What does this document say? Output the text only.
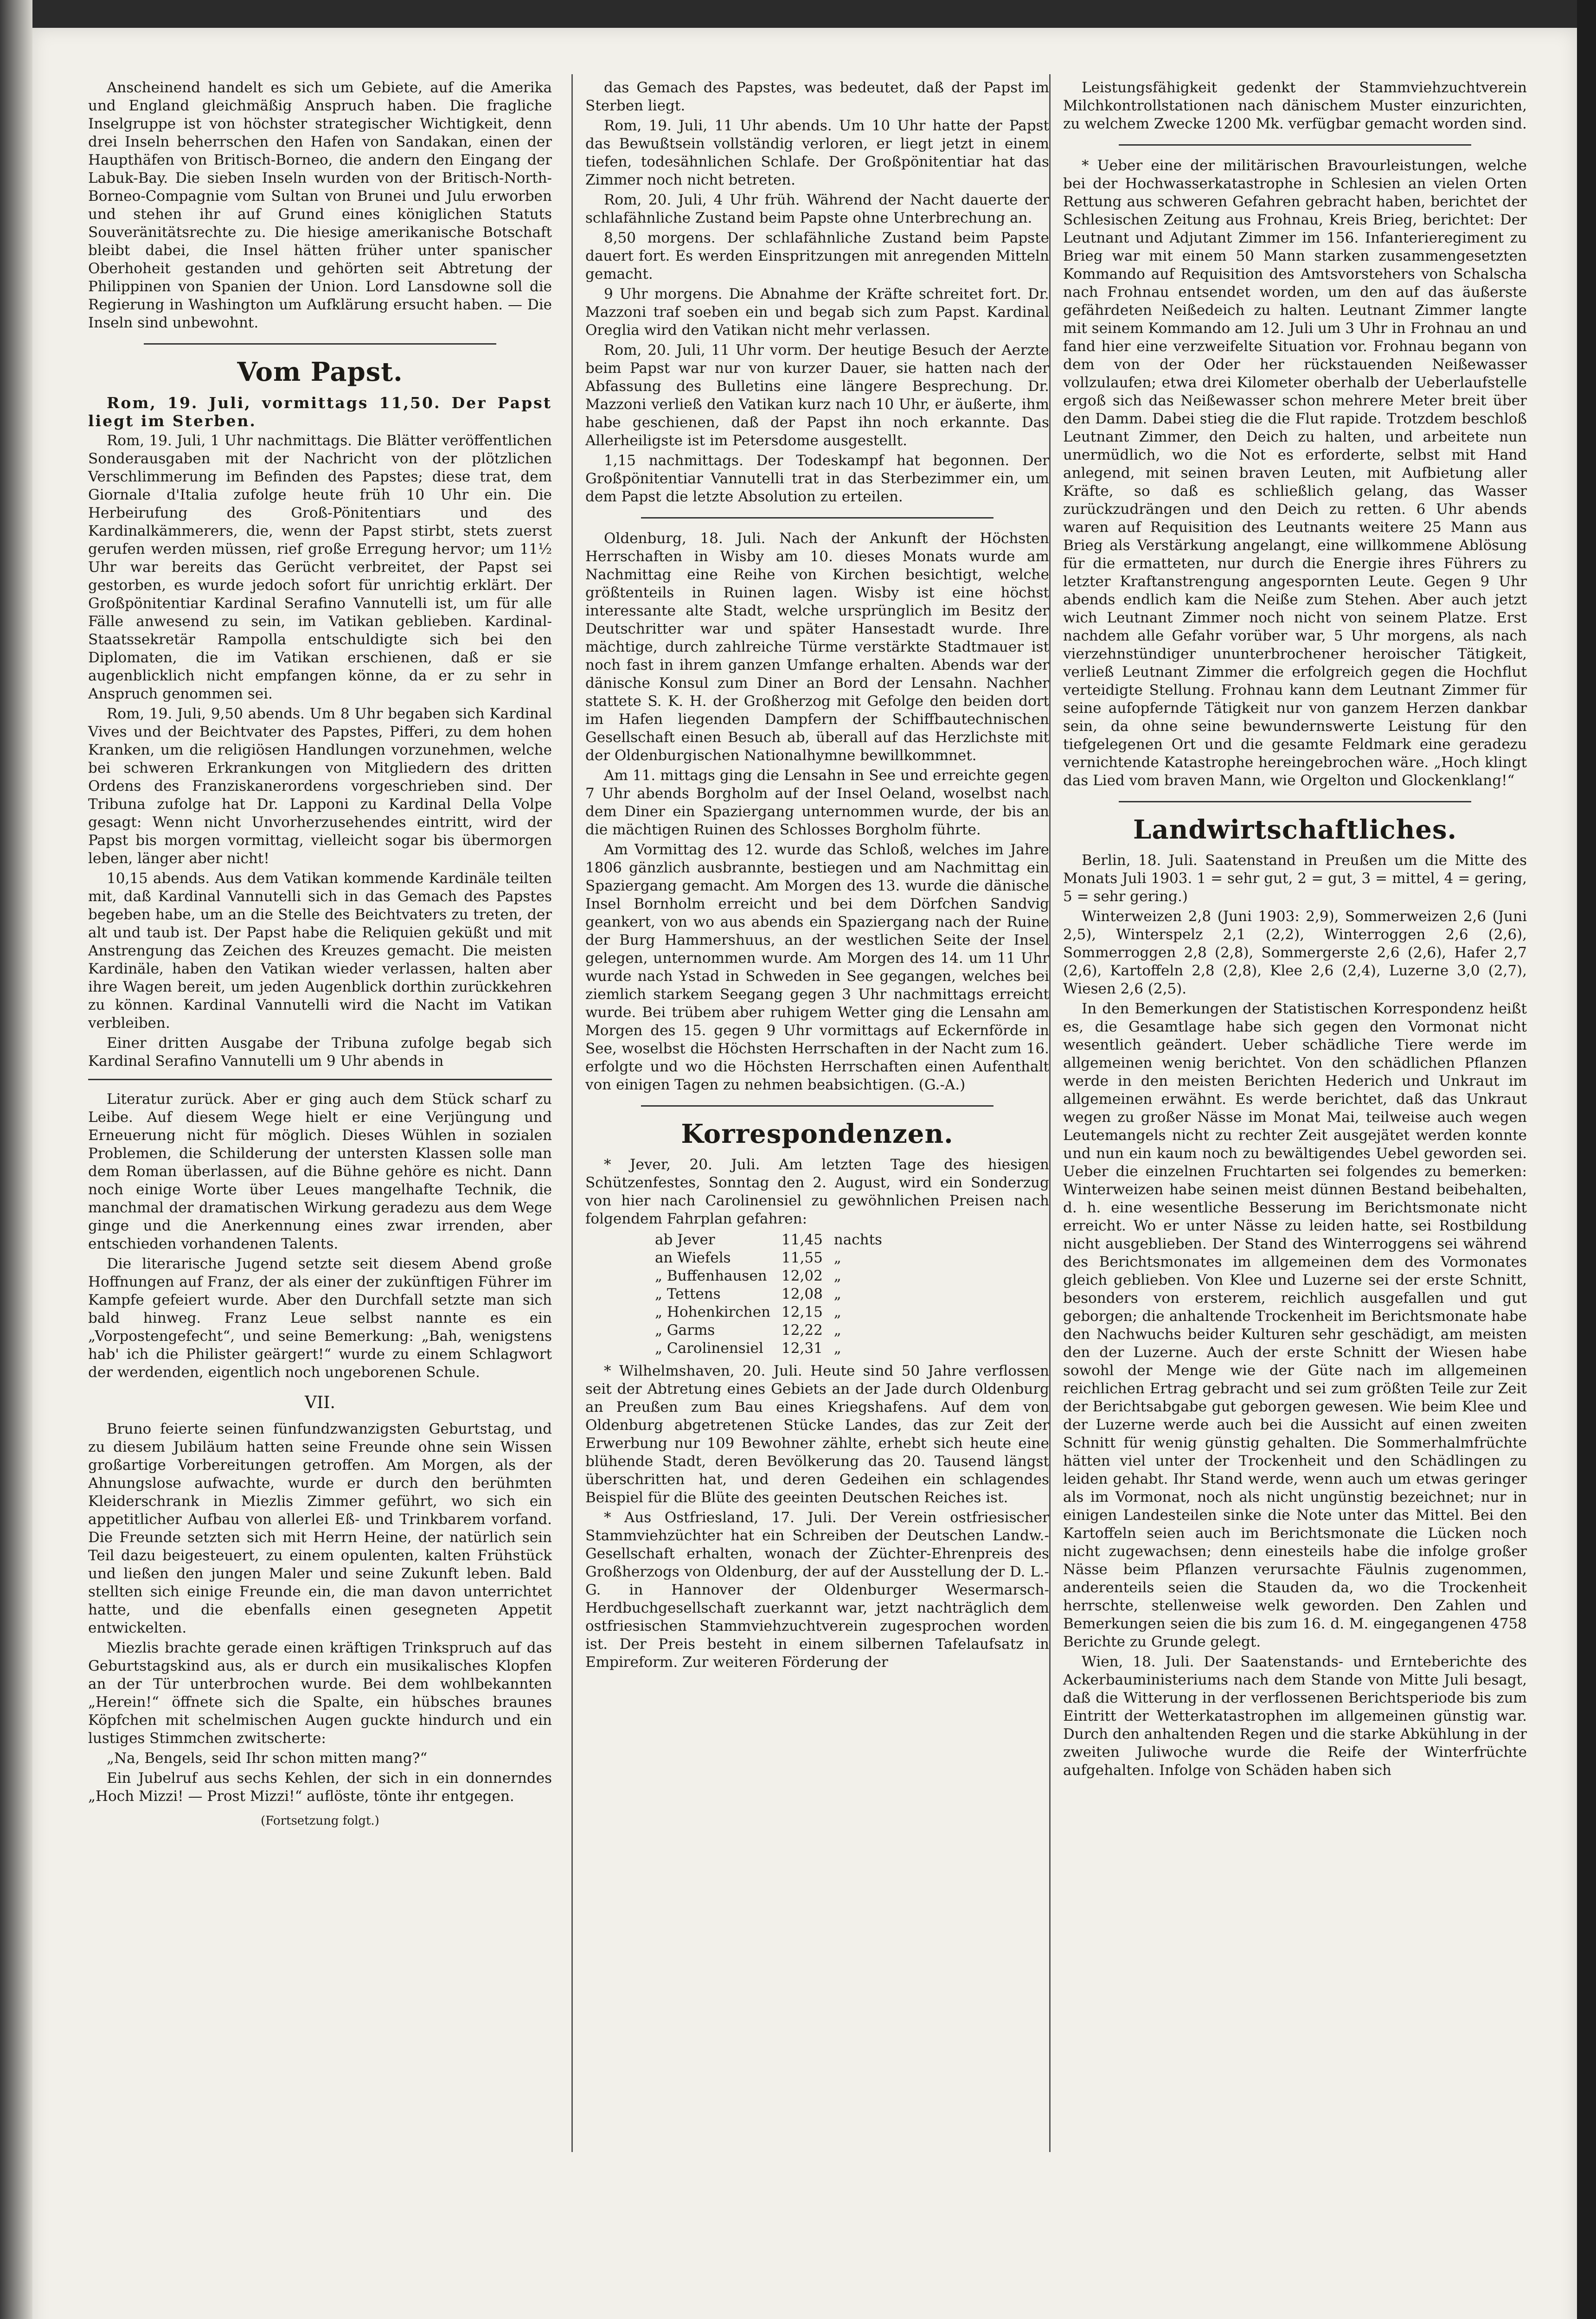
Anscheinend handelt es sich um Gebiete, auf die Amerika und England gleichmäßig Anspruch haben. Die fragliche Inselgruppe ist von höchster strategischer Wichtigkeit, denn drei Inseln beherrschen den Hafen von Sandakan, einen der Haupthäfen von Britisch-Borneo, die andern den Eingang der Labuk-Bay. Die sieben Inseln wurden von der Britisch-North-Borneo-Compagnie vom Sultan von Brunei und Julu erworben und stehen ihr auf Grund eines königlichen Statuts Souveränitätsrechte zu. Die hiesige amerikanische Botschaft bleibt dabei, die Insel hätten früher unter spanischer Oberhoheit gestanden und gehörten seit Abtretung der Philippinen von Spanien der Union. Lord Lansdowne soll die Regierung in Washington um Aufklärung ersucht haben. — Die Inseln sind unbewohnt.

Vom Papst.

Rom, 19. Juli, vormittags 11,50. Der Papst liegt im Sterben.

Rom, 19. Juli, 1 Uhr nachmittags. Die Blätter veröffentlichen Sonderausgaben mit der Nachricht von der plötzlichen Verschlimmerung im Befinden des Papstes; diese trat, dem Giornale d'Italia zufolge heute früh 10 Uhr ein. Die Herbeirufung des Groß-Pönitentiars und des Kardinalkämmerers, die, wenn der Papst stirbt, stets zuerst gerufen werden müssen, rief große Erregung hervor; um 11½ Uhr war bereits das Gerücht verbreitet, der Papst sei gestorben, es wurde jedoch sofort für unrichtig erklärt. Der Großpönitentiar Kardinal Serafino Vannutelli ist, um für alle Fälle anwesend zu sein, im Vatikan geblieben. Kardinal-Staatssekretär Rampolla entschuldigte sich bei den Diplomaten, die im Vatikan erschienen, daß er sie augenblicklich nicht empfangen könne, da er zu sehr in Anspruch genommen sei.

Rom, 19. Juli, 9,50 abends. Um 8 Uhr begaben sich Kardinal Vives und der Beichtvater des Papstes, Pifferi, zu dem hohen Kranken, um die religiösen Handlungen vorzunehmen, welche bei schweren Erkrankungen von Mitgliedern des dritten Ordens des Franziskanerordens vorgeschrieben sind. Der Tribuna zufolge hat Dr. Lapponi zu Kardinal Della Volpe gesagt: Wenn nicht Unvorherzusehendes eintritt, wird der Papst bis morgen vormittag, vielleicht sogar bis übermorgen leben, länger aber nicht!

10,15 abends. Aus dem Vatikan kommende Kardinäle teilten mit, daß Kardinal Vannutelli sich in das Gemach des Papstes begeben habe, um an die Stelle des Beichtvaters zu treten, der alt und taub ist. Der Papst habe die Reliquien geküßt und mit Anstrengung das Zeichen des Kreuzes gemacht. Die meisten Kardinäle, haben den Vatikan wieder verlassen, halten aber ihre Wagen bereit, um jeden Augenblick dorthin zurückkehren zu können. Kardinal Vannutelli wird die Nacht im Vatikan verbleiben.

Einer dritten Ausgabe der Tribuna zufolge begab sich Kardinal Serafino Vannutelli um 9 Uhr abends in

Literatur zurück. Aber er ging auch dem Stück scharf zu Leibe. Auf diesem Wege hielt er eine Verjüngung und Erneuerung nicht für möglich. Dieses Wühlen in sozialen Problemen, die Schilderung der untersten Klassen solle man dem Roman überlassen, auf die Bühne gehöre es nicht. Dann noch einige Worte über Leues mangelhafte Technik, die manchmal der dramatischen Wirkung geradezu aus dem Wege ginge und die Anerkennung eines zwar irrenden, aber entschieden vorhandenen Talents.

Die literarische Jugend setzte seit diesem Abend große Hoffnungen auf Franz, der als einer der zukünftigen Führer im Kampfe gefeiert wurde. Aber den Durchfall setzte man sich bald hinweg. Franz Leue selbst nannte es ein „Vorpostengefecht“, und seine Bemerkung: „Bah, wenigstens hab' ich die Philister geärgert!“ wurde zu einem Schlagwort der werdenden, eigentlich noch ungeborenen Schule.

VII.

Bruno feierte seinen fünfundzwanzigsten Geburtstag, und zu diesem Jubiläum hatten seine Freunde ohne sein Wissen großartige Vorbereitungen getroffen. Am Morgen, als der Ahnungslose aufwachte, wurde er durch den berühmten Kleiderschrank in Miezlis Zimmer geführt, wo sich ein appetitlicher Aufbau von allerlei Eß- und Trinkbarem vorfand. Die Freunde setzten sich mit Herrn Heine, der natürlich sein Teil dazu beigesteuert, zu einem opulenten, kalten Frühstück und ließen den jungen Maler und seine Zukunft leben. Bald stellten sich einige Freunde ein, die man davon unterrichtet hatte, und die ebenfalls einen gesegneten Appetit entwickelten.

Miezlis brachte gerade einen kräftigen Trinkspruch auf das Geburtstagskind aus, als er durch ein musikalisches Klopfen an der Tür unterbrochen wurde. Bei dem wohlbekannten „Herein!“ öffnete sich die Spalte, ein hübsches braunes Köpfchen mit schelmischen Augen guckte hindurch und ein lustiges Stimmchen zwitscherte:

„Na, Bengels, seid Ihr schon mitten mang?“

Ein Jubelruf aus sechs Kehlen, der sich in ein donnerndes „Hoch Mizzi! — Prost Mizzi!“ auflöste, tönte ihr entgegen.

(Fortsetzung folgt.)

das Gemach des Papstes, was bedeutet, daß der Papst im Sterben liegt.

Rom, 19. Juli, 11 Uhr abends. Um 10 Uhr hatte der Papst das Bewußtsein vollständig verloren, er liegt jetzt in einem tiefen, todesähnlichen Schlafe. Der Großpönitentiar hat das Zimmer noch nicht betreten.

Rom, 20. Juli, 4 Uhr früh. Während der Nacht dauerte der schlafähnliche Zustand beim Papste ohne Unterbrechung an.

8,50 morgens. Der schlafähnliche Zustand beim Papste dauert fort. Es werden Einspritzungen mit anregenden Mitteln gemacht.

9 Uhr morgens. Die Abnahme der Kräfte schreitet fort. Dr. Mazzoni traf soeben ein und begab sich zum Papst. Kardinal Oreglia wird den Vatikan nicht mehr verlassen.

Rom, 20. Juli, 11 Uhr vorm. Der heutige Besuch der Aerzte beim Papst war nur von kurzer Dauer, sie hatten nach der Abfassung des Bulletins eine längere Besprechung. Dr. Mazzoni verließ den Vatikan kurz nach 10 Uhr, er äußerte, ihm habe geschienen, daß der Papst ihn noch erkannte. Das Allerheiligste ist im Petersdome ausgestellt.

1,15 nachmittags. Der Todeskampf hat begonnen. Der Großpönitentiar Vannutelli trat in das Sterbezimmer ein, um dem Papst die letzte Absolution zu erteilen.

Oldenburg, 18. Juli. Nach der Ankunft der Höchsten Herrschaften in Wisby am 10. dieses Monats wurde am Nachmittag eine Reihe von Kirchen besichtigt, welche größtenteils in Ruinen lagen. Wisby ist eine höchst interessante alte Stadt, welche ursprünglich im Besitz der Deutschritter war und später Hansestadt wurde. Ihre mächtige, durch zahlreiche Türme verstärkte Stadtmauer ist noch fast in ihrem ganzen Umfange erhalten. Abends war der dänische Konsul zum Diner an Bord der Lensahn. Nachher stattete S. K. H. der Großherzog mit Gefolge den beiden dort im Hafen liegenden Dampfern der Schiffbautechnischen Gesellschaft einen Besuch ab, überall auf das Herzlichste mit der Oldenburgischen Nationalhymne bewillkommnet.

Am 11. mittags ging die Lensahn in See und erreichte gegen 7 Uhr abends Borgholm auf der Insel Oeland, woselbst nach dem Diner ein Spaziergang unternommen wurde, der bis an die mächtigen Ruinen des Schlosses Borgholm führte.

Am Vormittag des 12. wurde das Schloß, welches im Jahre 1806 gänzlich ausbrannte, bestiegen und am Nachmittag ein Spaziergang gemacht. Am Morgen des 13. wurde die dänische Insel Bornholm erreicht und bei dem Dörfchen Sandvig geankert, von wo aus abends ein Spaziergang nach der Ruine der Burg Hammershuus, an der westlichen Seite der Insel gelegen, unternommen wurde. Am Morgen des 14. um 11 Uhr wurde nach Ystad in Schweden in See gegangen, welches bei ziemlich starkem Seegang gegen 3 Uhr nachmittags erreicht wurde. Bei trübem aber ruhigem Wetter ging die Lensahn am Morgen des 15. gegen 9 Uhr vormittags auf Eckernförde in See, woselbst die Höchsten Herrschaften in der Nacht zum 16. erfolgte und wo die Höchsten Herrschaften einen Aufenthalt von einigen Tagen zu nehmen beabsichtigen. (G.-A.)

Korrespondenzen.

* Jever, 20. Juli. Am letzten Tage des hiesigen Schützenfestes, Sonntag den 2. August, wird ein Sonderzug von hier nach Carolinensiel zu gewöhnlichen Preisen nach folgendem Fahrplan gefahren:

ab Jever	11,45	nachts
an Wiefels	11,55	„
„ Buffenhausen	12,02	„
„ Tettens	12,08	„
„ Hohenkirchen	12,15	„
„ Garms	12,22	„
„ Carolinensiel	12,31	„

* Wilhelmshaven, 20. Juli. Heute sind 50 Jahre verflossen seit der Abtretung eines Gebiets an der Jade durch Oldenburg an Preußen zum Bau eines Kriegshafens. Auf dem von Oldenburg abgetretenen Stücke Landes, das zur Zeit der Erwerbung nur 109 Bewohner zählte, erhebt sich heute eine blühende Stadt, deren Bevölkerung das 20. Tausend längst überschritten hat, und deren Gedeihen ein schlagendes Beispiel für die Blüte des geeinten Deutschen Reiches ist.

* Aus Ostfriesland, 17. Juli. Der Verein ostfriesischer Stammviehzüchter hat ein Schreiben der Deutschen Landw.-Gesellschaft erhalten, wonach der Züchter-Ehrenpreis des Großherzogs von Oldenburg, der auf der Ausstellung der D. L.-G. in Hannover der Oldenburger Wesermarsch-Herdbuchgesellschaft zuerkannt war, jetzt nachträglich dem ostfriesischen Stammviehzuchtverein zugesprochen worden ist. Der Preis besteht in einem silbernen Tafelaufsatz in Empireform. Zur weiteren Förderung der

Leistungsfähigkeit gedenkt der Stammviehzuchtverein Milchkontrollstationen nach dänischem Muster einzurichten, zu welchem Zwecke 1200 Mk. verfügbar gemacht worden sind.

* Ueber eine der militärischen Bravourleistungen, welche bei der Hochwasserkatastrophe in Schlesien an vielen Orten Rettung aus schweren Gefahren gebracht haben, berichtet der Schlesischen Zeitung aus Frohnau, Kreis Brieg, berichtet: Der Leutnant und Adjutant Zimmer im 156. Infanterieregiment zu Brieg war mit einem 50 Mann starken zusammengesetzten Kommando auf Requisition des Amtsvorstehers von Schalscha nach Frohnau entsendet worden, um den auf das äußerste gefährdeten Neißedeich zu halten. Leutnant Zimmer langte mit seinem Kommando am 12. Juli um 3 Uhr in Frohnau an und fand hier eine verzweifelte Situation vor. Frohnau begann von dem von der Oder her rückstauenden Neißewasser vollzulaufen; etwa drei Kilometer oberhalb der Ueberlaufstelle ergoß sich das Neißewasser schon mehrere Meter breit über den Damm. Dabei stieg die die Flut rapide. Trotzdem beschloß Leutnant Zimmer, den Deich zu halten, und arbeitete nun unermüdlich, wo die Not es erforderte, selbst mit Hand anlegend, mit seinen braven Leuten, mit Aufbietung aller Kräfte, so daß es schließlich gelang, das Wasser zurückzudrängen und den Deich zu retten. 6 Uhr abends waren auf Requisition des Leutnants weitere 25 Mann aus Brieg als Verstärkung angelangt, eine willkommene Ablösung für die ermatteten, nur durch die Energie ihres Führers zu letzter Kraftanstrengung angespornten Leute. Gegen 9 Uhr abends endlich kam die Neiße zum Stehen. Aber auch jetzt wich Leutnant Zimmer noch nicht von seinem Platze. Erst nachdem alle Gefahr vorüber war, 5 Uhr morgens, als nach vierzehnstündiger ununterbrochener heroischer Tätigkeit, verließ Leutnant Zimmer die erfolgreich gegen die Hochflut verteidigte Stellung. Frohnau kann dem Leutnant Zimmer für seine aufopfernde Tätigkeit nur von ganzem Herzen dankbar sein, da ohne seine bewundernswerte Leistung für den tiefgelegenen Ort und die gesamte Feldmark eine geradezu vernichtende Katastrophe hereingebrochen wäre. „Hoch klingt das Lied vom braven Mann, wie Orgelton und Glockenklang!“

Landwirtschaftliches.

Berlin, 18. Juli. Saatenstand in Preußen um die Mitte des Monats Juli 1903. 1 = sehr gut, 2 = gut, 3 = mittel, 4 = gering, 5 = sehr gering.)

Winterweizen 2,8 (Juni 1903: 2,9), Sommerweizen 2,6 (Juni 2,5), Winterspelz 2,1 (2,2), Winterroggen 2,6 (2,6), Sommerroggen 2,8 (2,8), Sommergerste 2,6 (2,6), Hafer 2,7 (2,6), Kartoffeln 2,8 (2,8), Klee 2,6 (2,4), Luzerne 3,0 (2,7), Wiesen 2,6 (2,5).

In den Bemerkungen der Statistischen Korrespondenz heißt es, die Gesamtlage habe sich gegen den Vormonat nicht wesentlich geändert. Ueber schädliche Tiere werde im allgemeinen wenig berichtet. Von den schädlichen Pflanzen werde in den meisten Berichten Hederich und Unkraut im allgemeinen erwähnt. Es werde berichtet, daß das Unkraut wegen zu großer Nässe im Monat Mai, teilweise auch wegen Leutemangels nicht zu rechter Zeit ausgejätet werden konnte und nun ein kaum noch zu bewältigendes Uebel geworden sei. Ueber die einzelnen Fruchtarten sei folgendes zu bemerken: Winterweizen habe seinen meist dünnen Bestand beibehalten, d. h. eine wesentliche Besserung im Berichtsmonate nicht erreicht. Wo er unter Nässe zu leiden hatte, sei Rostbildung nicht ausgeblieben. Der Stand des Winterroggens sei während des Berichtsmonates im allgemeinen dem des Vormonates gleich geblieben. Von Klee und Luzerne sei der erste Schnitt, besonders von ersterem, reichlich ausgefallen und gut geborgen; die anhaltende Trockenheit im Berichtsmonate habe den Nachwuchs beider Kulturen sehr geschädigt, am meisten den der Luzerne. Auch der erste Schnitt der Wiesen habe sowohl der Menge wie der Güte nach im allgemeinen reichlichen Ertrag gebracht und sei zum größten Teile zur Zeit der Berichtsabgabe gut geborgen gewesen. Wie beim Klee und der Luzerne werde auch bei die Aussicht auf einen zweiten Schnitt für wenig günstig gehalten. Die Sommerhalmfrüchte hätten viel unter der Trockenheit und den Schädlingen zu leiden gehabt. Ihr Stand werde, wenn auch um etwas geringer als im Vormonat, noch als nicht ungünstig bezeichnet; nur in einigen Landesteilen sinke die Note unter das Mittel. Bei den Kartoffeln seien auch im Berichtsmonate die Lücken noch nicht zugewachsen; denn einesteils habe die infolge großer Nässe beim Pflanzen verursachte Fäulnis zugenommen, anderenteils seien die Stauden da, wo die Trockenheit herrschte, stellenweise welk geworden. Den Zahlen und Bemerkungen seien die bis zum 16. d. M. eingegangenen 4758 Berichte zu Grunde gelegt.

Wien, 18. Juli. Der Saatenstands- und Ernteberichte des Ackerbauministeriums nach dem Stande von Mitte Juli besagt, daß die Witterung in der verflossenen Berichtsperiode bis zum Eintritt der Wetterkatastrophen im allgemeinen günstig war. Durch den anhaltenden Regen und die starke Abkühlung in der zweiten Juliwoche wurde die Reife der Winterfrüchte aufgehalten. Infolge von Schäden haben sich
